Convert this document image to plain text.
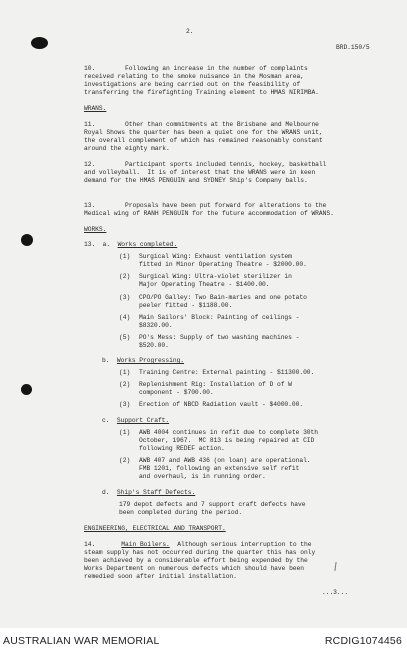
2.
BRD.150/5
10.        Following an increase in the number of complaints
received relating to the smoke nuisance in the Mosman area,
investigations are being carried out on the feasibility of
transferring the firefighting Training element to HMAS NIRIMBA.
WRANS.
11.        Other than commitments at the Brisbane and Melbourne
Royal Shows the quarter has been a quiet one for the WRANS unit,
the overall complement of which has remained reasonably constant
around the eighty mark.
12.        Participant sports included tennis, hockey, basketball
and volleyball.  It is of interest that the WRANS were in keen
demand for the HMAS PENGUIN and SYDNEY Ship's Company balls.
13.        Proposals have been put forward for alterations to the
Medical wing of RANH PENGUIN for the future accommodation of WRANS.
WORKS.
13.  a.  Works completed.
(1) Surgical Wing: Exhaust ventilation system
fitted in Minor Operating Theatre - $2000.00.
(2) Surgical Wing: Ultra-violet sterilizer in
Major Operating Theatre - $1400.00.
(3) CPO/PO Galley: Two Bain-maries and one potato
peeler fitted - $1188.00.
(4) Main Sailors' Block: Painting of ceilings -
$8320.00.
(5) PO's Mess: Supply of two washing machines -
$520.00.
b.  Works Progressing.
(1) Training Centre: External painting - $11300.00.
(2) Replenishment Rig: Installation of D of W
component - $700.00.
(3) Erection of NBCD Radiation vault - $4000.00.
c.  Support Craft.
(1) AWB 4004 continues in refit due to complete 30th
October, 1967.  MC 813 is being repaired at CID
following REDEF action.
(2) AWB 407 and AWB 436 (on loan) are operational.
FMB 1201, following an extensive self refit
and overhaul, is in running order.
d.  Ship's Staff Defects.
179 depot defects and 7 support craft defects have
been completed during the period.
ENGINEERING, ELECTRICAL AND TRANSPORT.
14.       Main Boilers.  Although serious interruption to the
steam supply has not occurred during the quarter this has only
been achieved by a considerable effort being expended by the
Works Department on numerous defects which should have been
remedied soon after initial installation.
...3...
AUSTRALIAN WAR MEMORIAL	RCDIG1074456
